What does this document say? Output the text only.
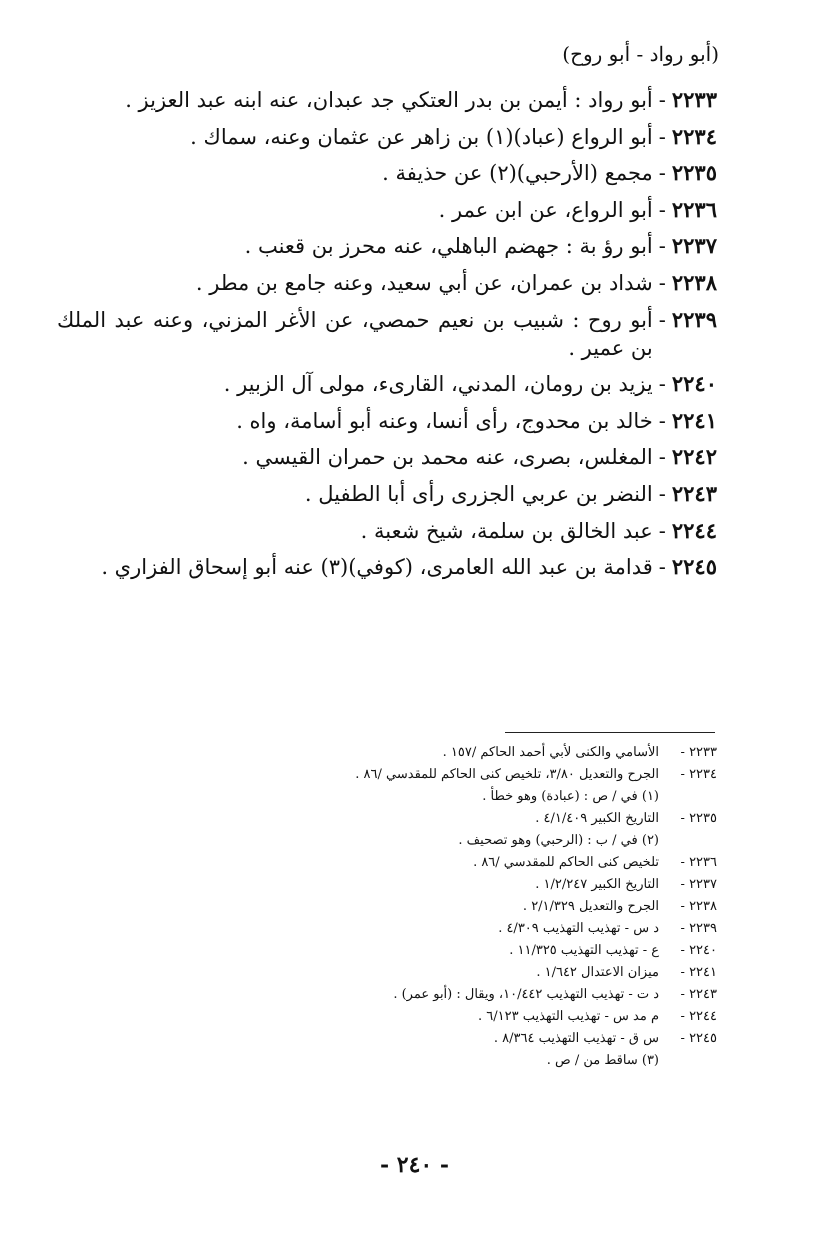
(أبو رواد - أبو روح)
٢٢٣٣
-
أبو رواد : أيمن بن بدر العتكي جد عبدان، عنه ابنه عبد العزيز .
٢٢٣٤
-
أبو الرواع (عباد)(١) بن زاهر عن عثمان وعنه، سماك .
٢٢٣٥
-
مجمع (الأرحبي)(٢) عن حذيفة .
٢٢٣٦
-
أبو الرواع، عن ابن عمر .
٢٢٣٧
-
أبو رؤ بة : جهضم الباهلي، عنه محرز بن قعنب .
٢٢٣٨
-
شداد بن عمران، عن أبي سعيد، وعنه جامع بن مطر .
٢٢٣٩
-
أبو روح : شبيب بن نعيم حمصي، عن الأغر المزني، وعنه عبد الملك بن عمير .
٢٢٤٠
-
يزيد بن رومان، المدني، القارىء، مولى آل الزبير .
٢٢٤١
-
خالد بن محدوج، رأى أنسا، وعنه أبو أسامة، واه .
٢٢٤٢
-
المغلس، بصرى، عنه محمد بن حمران القيسي .
٢٢٤٣
-
النضر بن عربي الجزرى رأى أبا الطفيل .
٢٢٤٤
-
عبد الخالق بن سلمة، شيخ شعبة .
٢٢٤٥
-
قدامة بن عبد الله العامرى، (كوفي)(٣) عنه أبو إسحاق الفزاري .
٢٢٣٣ -
الأسامي والكنى لأبي أحمد الحاكم /١٥٧ .
٢٢٣٤ -
الجرح والتعديل ٣/٨٠، تلخيص كنى الحاكم للمقدسي /٨٦ .
(١) في / ص : (عبادة) وهو خطأ .
٢٢٣٥ -
التاريخ الكبير ٤/١/٤٠٩ .
(٢) في / ب : (الرحبي) وهو تصحيف .
٢٢٣٦ -
تلخيص كنى الحاكم للمقدسي /٨٦ .
٢٢٣٧ -
التاريخ الكبير ١/٢/٢٤٧ .
٢٢٣٨ -
الجرح والتعديل ٢/١/٣٢٩ .
٢٢٣٩ -
د س - تهذيب التهذيب ٤/٣٠٩ .
٢٢٤٠ -
ع - تهذيب التهذيب ١١/٣٢٥ .
٢٢٤١ -
ميزان الاعتدال ١/٦٤٢ .
٢٢٤٣ -
د ت - تهذيب التهذيب ١٠/٤٤٢، ويقال : (أبو عمر) .
٢٢٤٤ -
م مد س - تهذيب التهذيب ٦/١٢٣ .
٢٢٤٥ -
س ق - تهذيب التهذيب ٨/٣٦٤ .
(٣) ساقط من / ص .
- ٢٤٠ -
